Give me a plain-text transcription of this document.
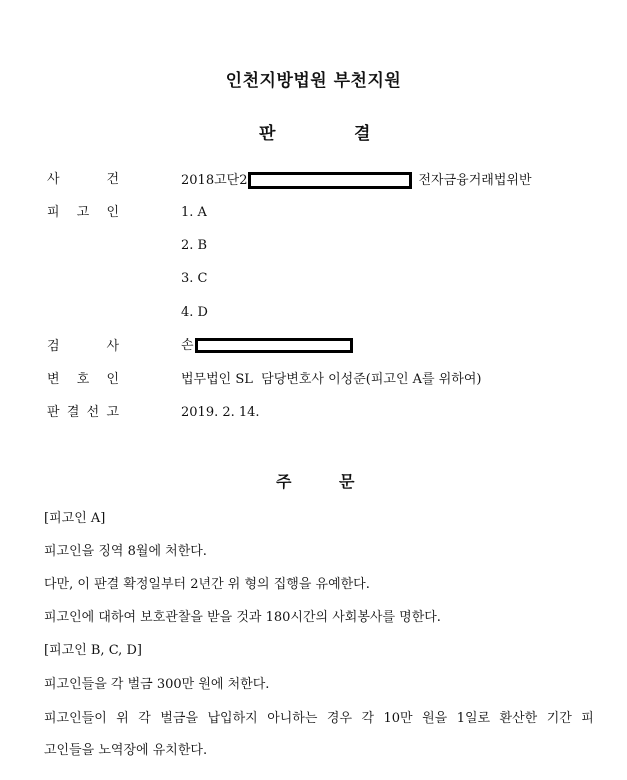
인천지방법원 부천지원
판	결
사	건	2018고단2	전자금융거래법위반
피 고 인	1. A
2. B
3. C
4. D
검	사	손
변 호 인	법무법인 SL  담당변호사 이성준(피고인 A를 위하여)
판 결 선 고	2019. 2. 14.
주	문
[피고인 A]
피고인을 징역 8월에 처한다.
다만, 이 판결 확정일부터 2년간 위 형의 집행을 유예한다.
피고인에 대하여 보호관찰을 받을 것과 180시간의 사회봉사를 명한다.
[피고인 B, C, D]
피고인들을 각 벌금 300만 원에 처한다.
피고인들이 위 각 벌금을 납입하지 아니하는 경우 각 10만 원을 1일로 환산한 기간 피
고인들을 노역장에 유치한다.
